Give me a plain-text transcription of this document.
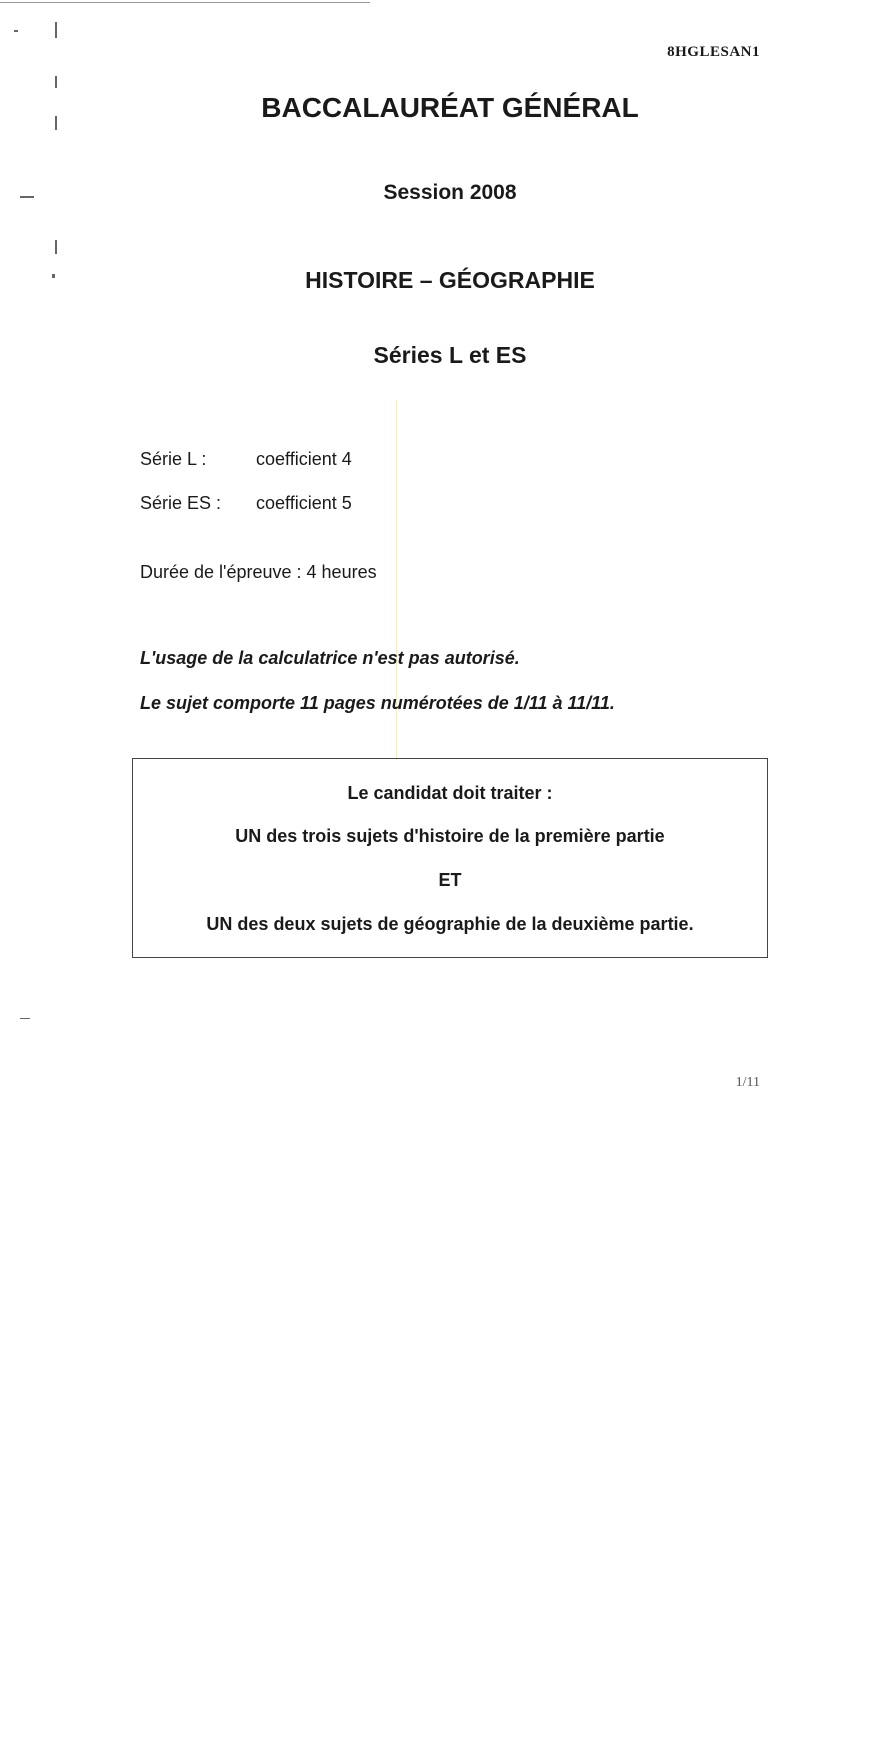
8HGLESAN1
BACCALAURÉAT GÉNÉRAL
Session 2008
HISTOIRE – GÉOGRAPHIE
Séries L et ES
Série L :	coefficient 4
Série ES : coefficient 5
Durée de l'épreuve : 4 heures
L'usage de la calculatrice n'est pas autorisé.
Le sujet comporte 11 pages numérotées de 1/11 à 11/11.
Le candidat doit traiter :
UN des trois sujets d'histoire de la première partie
ET
UN des deux sujets de géographie de la deuxième partie.
1/11
